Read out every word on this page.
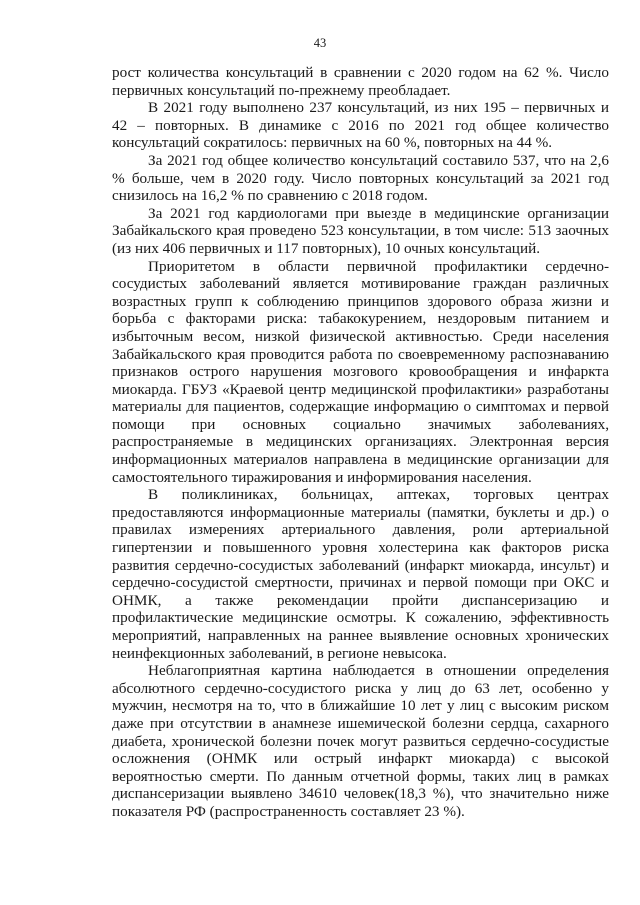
43

рост количества консультаций в сравнении с 2020 годом на 62 %. Число первичных консультаций по-прежнему преобладает.

В 2021 году выполнено 237 консультаций, из них 195 – первичных и 42 – повторных. В динамике с 2016 по 2021 год общее количество консультаций сократилось: первичных на 60 %, повторных на 44 %.

За 2021 год общее количество консультаций составило 537, что на 2,6 % больше, чем в 2020 году. Число повторных консультаций за 2021 год снизилось на 16,2 % по сравнению с 2018 годом.

За 2021 год кардиологами при выезде в медицинские организации Забайкальского края проведено 523 консультации, в том числе: 513 заочных (из них 406 первичных и 117 повторных), 10 очных консультаций.

Приоритетом в области первичной профилактики сердечно-сосудистых заболеваний является мотивирование граждан различных возрастных групп к соблюдению принципов здорового образа жизни и борьба с факторами риска: табакокурением, нездоровым питанием и избыточным весом, низкой физической активностью. Среди населения Забайкальского края проводится работа по своевременному распознаванию признаков острого нарушения мозгового кровообращения и инфаркта миокарда. ГБУЗ «Краевой центр медицинской профилактики» разработаны материалы для пациентов, содержащие информацию о симптомах и первой помощи при основных социально значимых заболеваниях, распространяемые в медицинских организациях. Электронная версия информационных материалов направлена в медицинские организации для самостоятельного тиражирования и информирования населения.

В поликлиниках, больницах, аптеках, торговых центрах предоставляются информационные материалы (памятки, буклеты и др.) о правилах измерениях артериального давления, роли артериальной гипертензии и повышенного уровня холестерина как факторов риска развития сердечно-сосудистых заболеваний (инфаркт миокарда, инсульт) и сердечно-сосудистой смертности, причинах и первой помощи при ОКС и ОНМК, а также рекомендации пройти диспансеризацию и профилактические медицинские осмотры. К сожалению, эффективность мероприятий, направленных на раннее выявление основных хронических неинфекционных заболеваний, в регионе невысока.

Неблагоприятная картина наблюдается в отношении определения абсолютного сердечно-сосудистого риска у лиц до 63 лет, особенно у мужчин, несмотря на то, что в ближайшие 10 лет у лиц с высоким риском даже при отсутствии в анамнезе ишемической болезни сердца, сахарного диабета, хронической болезни почек могут развиться сердечно-сосудистые осложнения (ОНМК или острый инфаркт миокарда) с высокой вероятностью смерти. По данным отчетной формы, таких лиц в рамках диспансеризации выявлено 34610 человек(18,3 %), что значительно ниже показателя РФ (распространенность составляет 23 %).
